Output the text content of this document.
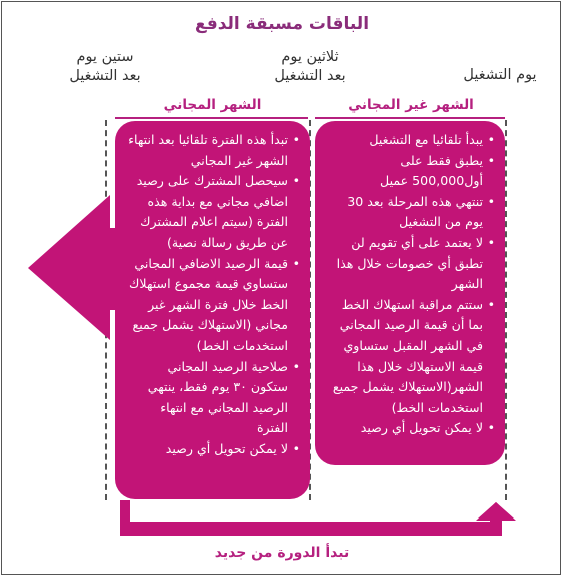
الباقات مسبقة الدفع
يوم التشغيل
ثلاثين يوم
بعد التشغيل
ستين يوم
بعد التشغيل
الشهر غير المجاني
الشهر المجاني
• يبدأ تلقائيا مع التشغيل
• يطبق فقط على أول500,000 عميل
• تنتهي هذه المرحلة بعد 30 يوم من التشغيل
• لا يعتمد على أي تقويم لن تطبق أي خصومات خلال هذا الشهر
• ستتم مراقبة استهلاك الخط بما أن قيمة الرصيد المجاني في الشهر المقبل ستساوي قيمة الاستهلاك خلال هذا الشهر(الاستهلاك يشمل جميع استخدمات الخط)
• لا يمكن تحويل أي رصيد
• تبدأ هذه الفترة تلقائيا بعد انتهاء الشهر غير المجاني
• سيحصل المشترك على رصيد اضافي مجاني مع بداية هذه الفترة (سيتم اعلام المشترك عن طريق رسالة نصية)
• قيمة الرصيد الاضافي المجاني ستساوي قيمة مجموع استهلاك الخط خلال فترة الشهر غير مجاني (الاستهلاك يشمل جميع استخدمات الخط)
• صلاحية الرصيد المجاني ستكون ٣٠ يوم فقط، ينتهي الرصيد المجاني مع انتهاء الفترة
• لا يمكن تحويل أي رصيد
تبدأ الدورة من جديد
